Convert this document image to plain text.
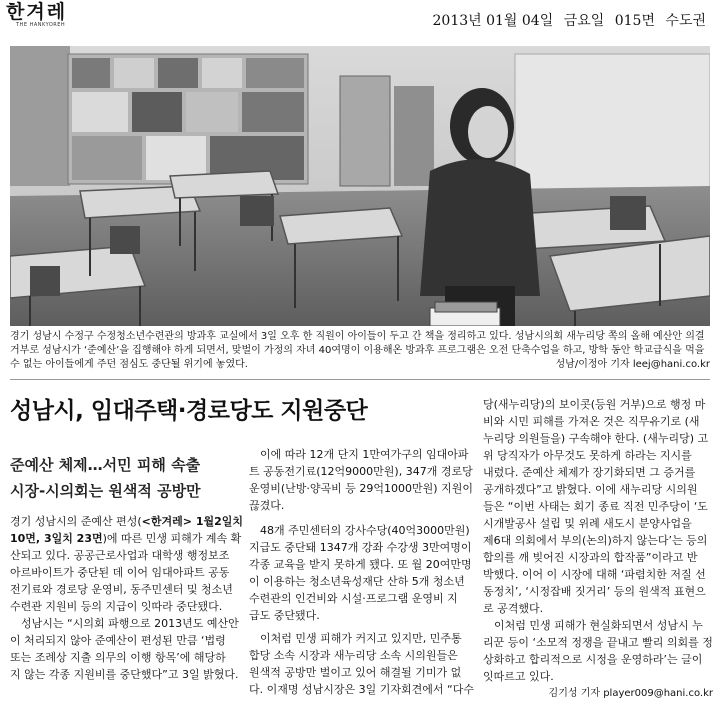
한겨레
THE HANKYOREH	2013년 01월 04일 금요일 015면 수도권
경기 성남시 수정구 수정청소년수련관의 방과후 교실에서 3일 오후 한 직원이 아이들이 두고 간 책을 정리하고 있다. 성남시의회 새누리당 쪽의 올해 예산안 의결 거부로 성남시가 ‘준예산’을 집행해야 하게 되면서, 맞벌이 가정의 자녀 40여명이 이용해온 방과후 프로그램은 오전 단축수업을 하고, 방학 동안 학교급식을 먹을 수 없는 아이들에게 주던 점심도 중단될 위기에 놓였다.	성남/이정아 기자 leej@hani.co.kr
성남시, 임대주택·경로당도 지원중단
준예산 체제…서민 피해 속출
시장-시의회는 원색적 공방만

경기 성남시의 준예산 편성(<한겨레> 1월2일치

10면, 3일치 23면)에 따른 민생 피해가 계속 확

산되고 있다. 공공근로사업과 대학생 행정보조

아르바이트가 중단된 데 이어 임대아파트 공동

전기료와 경로당 운영비, 동주민센터 및 청소년

수련관 지원비 등의 지급이 잇따라 중단됐다.

성남시는 “시의회 파행으로 2013년도 예산안

이 처리되지 않아 준예산이 편성된 만큼 ‘법령

또는 조례상 지출 의무의 이행 항목’에 해당하

지 않는 각종 지원비를 중단했다”고 3일 밝혔다.

이에 따라 12개 단지 1만여가구의 임대아파

트 공동전기료(12억9000만원), 347개 경로당

운영비(난방·양곡비 등 29억1000만원) 지원이

끊겼다.

48개 주민센터의 강사수당(40억3000만원)

지급도 중단돼 1347개 강좌 수강생 3만여명이

각종 교육을 받지 못하게 됐다. 또 월 20여만명

이 이용하는 청소년육성재단 산하 5개 청소년

수련관의 인건비와 시설·프로그램 운영비 지

급도 중단됐다.

이처럼 민생 피해가 커지고 있지만, 민주통

합당 소속 시장과 새누리당 소속 시의원들은

원색적 공방만 벌이고 있어 해결될 기미가 없

다. 이재명 성남시장은 3일 기자회견에서 “다수

당(새누리당)의 보이콧(등원 거부)으로 행정 마

비와 시민 피해를 가져온 것은 직무유기로 (새

누리당 의원들을) 구속해야 한다. (새누리당) 고

위 당직자가 아무것도 못하게 하라는 지시를

내렸다. 준예산 체제가 장기화되면 그 증거를

공개하겠다”고 밝혔다. 이에 새누리당 시의원

들은 “이번 사태는 회기 종료 직전 민주당이 ‘도

시개발공사 설립 및 위례 새도시 분양사업을

제6대 의회에서 부의(논의)하지 않는다’는 등의

합의를 깨 빚어진 시장과의 합작품”이라고 반

박했다. 이어 이 시장에 대해 ‘파렴치한 저질 선

동정치’, ‘시정잡배 짓거리’ 등의 원색적 표현으

로 공격했다.

이처럼 민생 피해가 현실화되면서 성남시 누

리꾼 등이 ‘소모적 정쟁을 끝내고 빨리 의회를 정

상화하고 합리적으로 시정을 운영하라’는 글이

잇따르고 있다.

김기성 기자 player009@hani.co.kr
